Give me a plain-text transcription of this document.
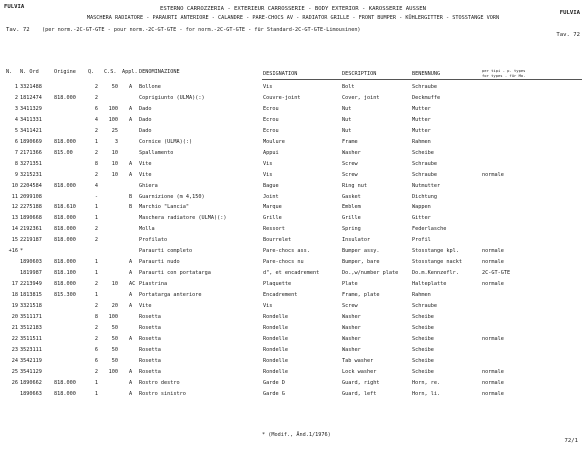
FULVIA
FULVIA
ESTERNO CARROZZERIA - EXTERIEUR CARROSSERIE - BODY EXTERIOR - KAROSSERIE AUSSEN
MASCHERA RADIATORE - PARAURTI ANTERIORE - CALANDRE - PARE-CHOCS AV - RADIATOR GRILLE - FRONT BUMPER - KÜHLERGITTER - STOSSTANGE VORN
Tav. 72 (per norm.-2C-GT-GTE - pour norm.-2C-GT-GTE - for norm.-2C-GT-GTE - für Standard-2C-GT-GTE-Limousinen)
Tav. 72
N. N. Ord	Origine Q. C.S. Appl. DENOMINAZIONE	DESIGNATION	DESCRIPTION	BENENNUNG
per tipi - p. types
for types - für Mo.
1 3321488	2	50 A Bollone	Vis	Bolt	Schraube
2 1812474 818.000	2	Coprigiunto (ULMA)(:)	Couvre-joint	Cover, joint	Deckmuffe
3 3411329	6	100 A Dado	Ecrou	Nut	Mutter
4 3411331	4	100 A Dado	Ecrou	Nut	Mutter
5 3411421	2	25	Dado	Ecrou	Nut	Mutter
6 1890669 818.000	1	3	Cornice (ULMA)(:)	Moulure	Frame	Rahmen
7 2171366 815.00	2	10	Spallamento	Appui	Washer	Scheibe
8 3271351	8	10 A Vite	Vis	Screw	Schraube
9 3215231	2	10 A Vite	Vis	Screw	Schraube	normale
10 2204584 818.000	4	Ghiera	Bague	Ring nut	Nutmutter
11 2099108	-	B Guarnizione (m 4,150)	Joint	Gasket	Dichtung
12 2275188 818.610	1	B Marchio "Lancia"	Marque	Emblem	Wappen
13 1890668 818.000	1	Maschera radiatore (ULMA)(:)	Grille	Grille	Gitter
14 2192361 818.000	2	Molla	Ressort	Spring	Federlasche
15 2219187 818.000	2	Profilato	Bourrelet	Insulator	Profil
+16 *	Paraurti completo	Pare-chocs ass.	Bumper assy.	Stosstange kpl.	normale
1890603 818.000	1	A Paraurti nudo	Pare-chocs nu	Bumper, bare	Stosstange nackt	normale
1819987 818.100	1	A Paraurti con portatarga	d", et encadrement	Do.,w/number plate	Do.m.Kennzeflr.	2C-GT-GTE
17 2213949 818.000	2	10 AC Piastrina	Plaquette	Plate	Halteplatte	normale
18 1813815 815.300	1	A Portatarga anteriore	Encadrement	Frame, plate	Rahmen
19 3321518	2	20 A Vite	Vis	Screw	Schraube
20 3511171	8	100	Rosetta	Rondelle	Washer	Scheibe
21 3512183	2	50	Rosetta	Rondelle	Washer	Scheibe
22 3511511	2	50 A Rosetta	Rondelle	Washer	Scheibe	normale
23 3523111	6	50	Rosetta	Rondelle	Washer	Scheibe
24 3542119	6	50	Rosetta	Rondelle	Tab washer	Scheibe
25 3541129	2	100 A Rosetta	Rondelle	Lock washer	Scheibe	normale
26 1890662 818.000	1	A Rostro destro	Garde D	Guard, right	Horn, re.	normale
1890663 818.000	1	A Rostro sinistro	Garde G	Guard, left	Horn, li.	normale
* (Modif., Änd.1/1976)
72/1
